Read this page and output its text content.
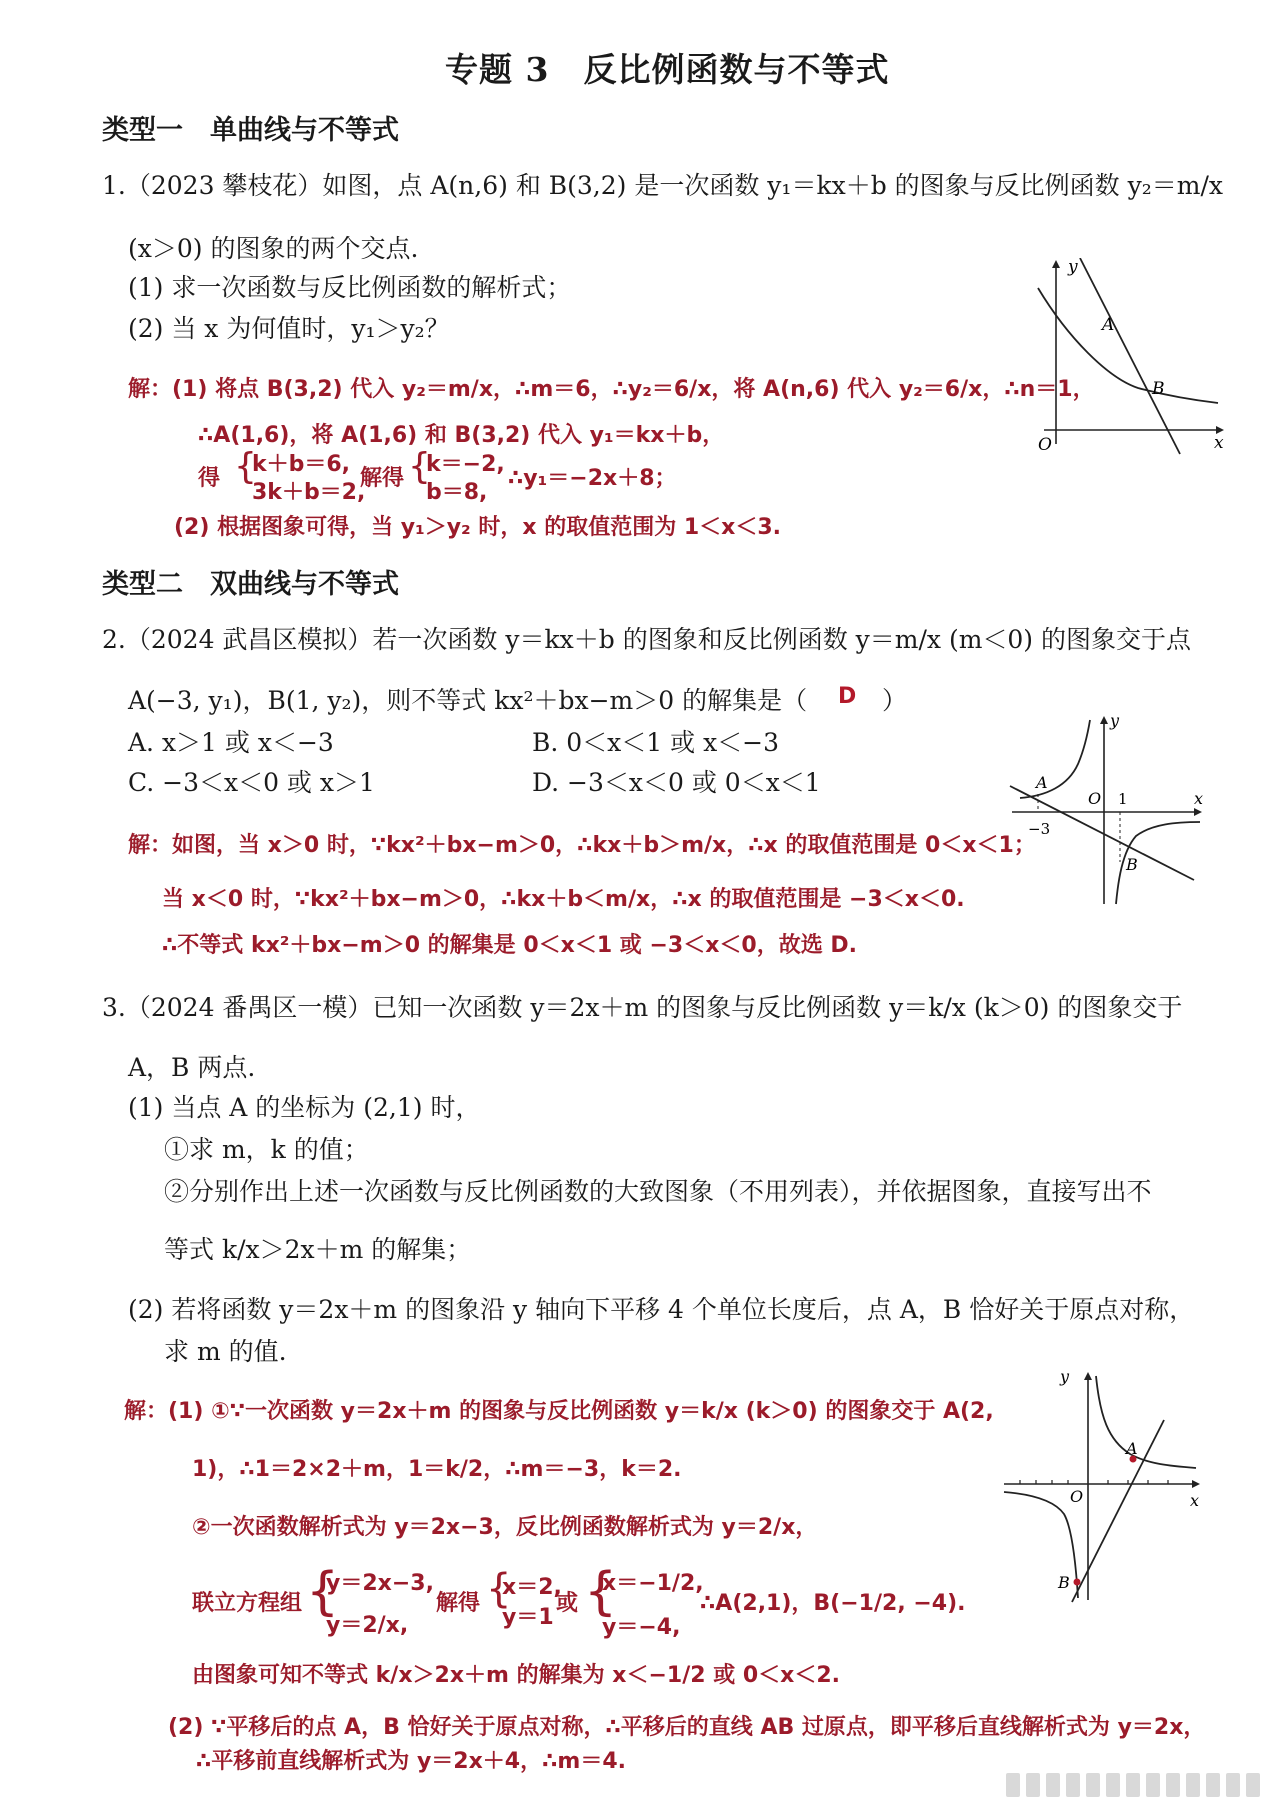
专题 3　反比例函数与不等式
类型一　单曲线与不等式
1.（2023 攀枝花）如图，点 A(n,6) 和 B(3,2) 是一次函数 y₁＝kx＋b 的图象与反比例函数 y₂＝m/x
(x＞0) 的图象的两个交点.
(1) 求一次函数与反比例函数的解析式；
(2) 当 x 为何值时，y₁＞y₂？
解：(1) 将点 B(3,2) 代入 y₂＝m/x，∴m＝6，∴y₂＝6/x，将 A(n,6) 代入 y₂＝6/x，∴n＝1，
∴A(1,6)，将 A(1,6) 和 B(3,2) 代入 y₁＝kx＋b，
得 {
k＋b＝6,
3k＋b＝2,
解得 {
k＝−2,
b＝8,
∴y₁＝−2x＋8；
(2) 根据图象可得，当 y₁＞y₂ 时，x 的取值范围为 1＜x＜3.
y
x
O
A
B
类型二　双曲线与不等式
2.（2024 武昌区模拟）若一次函数 y＝kx＋b 的图象和反比例函数 y＝m/x (m＜0) 的图象交于点
A(−3, y₁)，B(1, y₂)，则不等式 kx²＋bx−m＞0 的解集是（ D ）
A. x＞1 或 x＜−3	B. 0＜x＜1 或 x＜−3
C. −3＜x＜0 或 x＞1	D. −3＜x＜0 或 0＜x＜1
解：如图，当 x＞0 时，∵kx²＋bx−m＞0，∴kx＋b＞m/x，∴x 的取值范围是 0＜x＜1；
当 x＜0 时，∵kx²＋bx−m＞0，∴kx＋b＜m/x，∴x 的取值范围是 −3＜x＜0.
∴不等式 kx²＋bx−m＞0 的解集是 0＜x＜1 或 −3＜x＜0，故选 D.
y
x
O
A
B
−3
1
3.（2024 番禺区一模）已知一次函数 y＝2x＋m 的图象与反比例函数 y＝k/x (k＞0) 的图象交于
A，B 两点.
(1) 当点 A 的坐标为 (2,1) 时，
①求 m，k 的值；
②分别作出上述一次函数与反比例函数的大致图象（不用列表），并依据图象，直接写出不
等式 k/x＞2x＋m 的解集；
(2) 若将函数 y＝2x＋m 的图象沿 y 轴向下平移 4 个单位长度后，点 A，B 恰好关于原点对称，
求 m 的值.
解：(1) ①∵一次函数 y＝2x＋m 的图象与反比例函数 y＝k/x (k＞0) 的图象交于 A(2,
1)，∴1＝2×2＋m，1＝k/2，∴m＝−3，k＝2.
②一次函数解析式为 y＝2x−3，反比例函数解析式为 y＝2/x，
联立方程组 {
y＝2x−3,
y＝2/x,
解得 {
x＝2,
y＝1
或 {
x＝−1/2,
y＝−4,
∴A(2,1)，B(−1/2, −4).
由图象可知不等式 k/x＞2x＋m 的解集为 x＜−1/2 或 0＜x＜2.
(2) ∵平移后的点 A，B 恰好关于原点对称，∴平移后的直线 AB 过原点，即平移后直线解析式为 y＝2x，
∴平移前直线解析式为 y＝2x＋4，∴m＝4.
y
x
O
A
B
